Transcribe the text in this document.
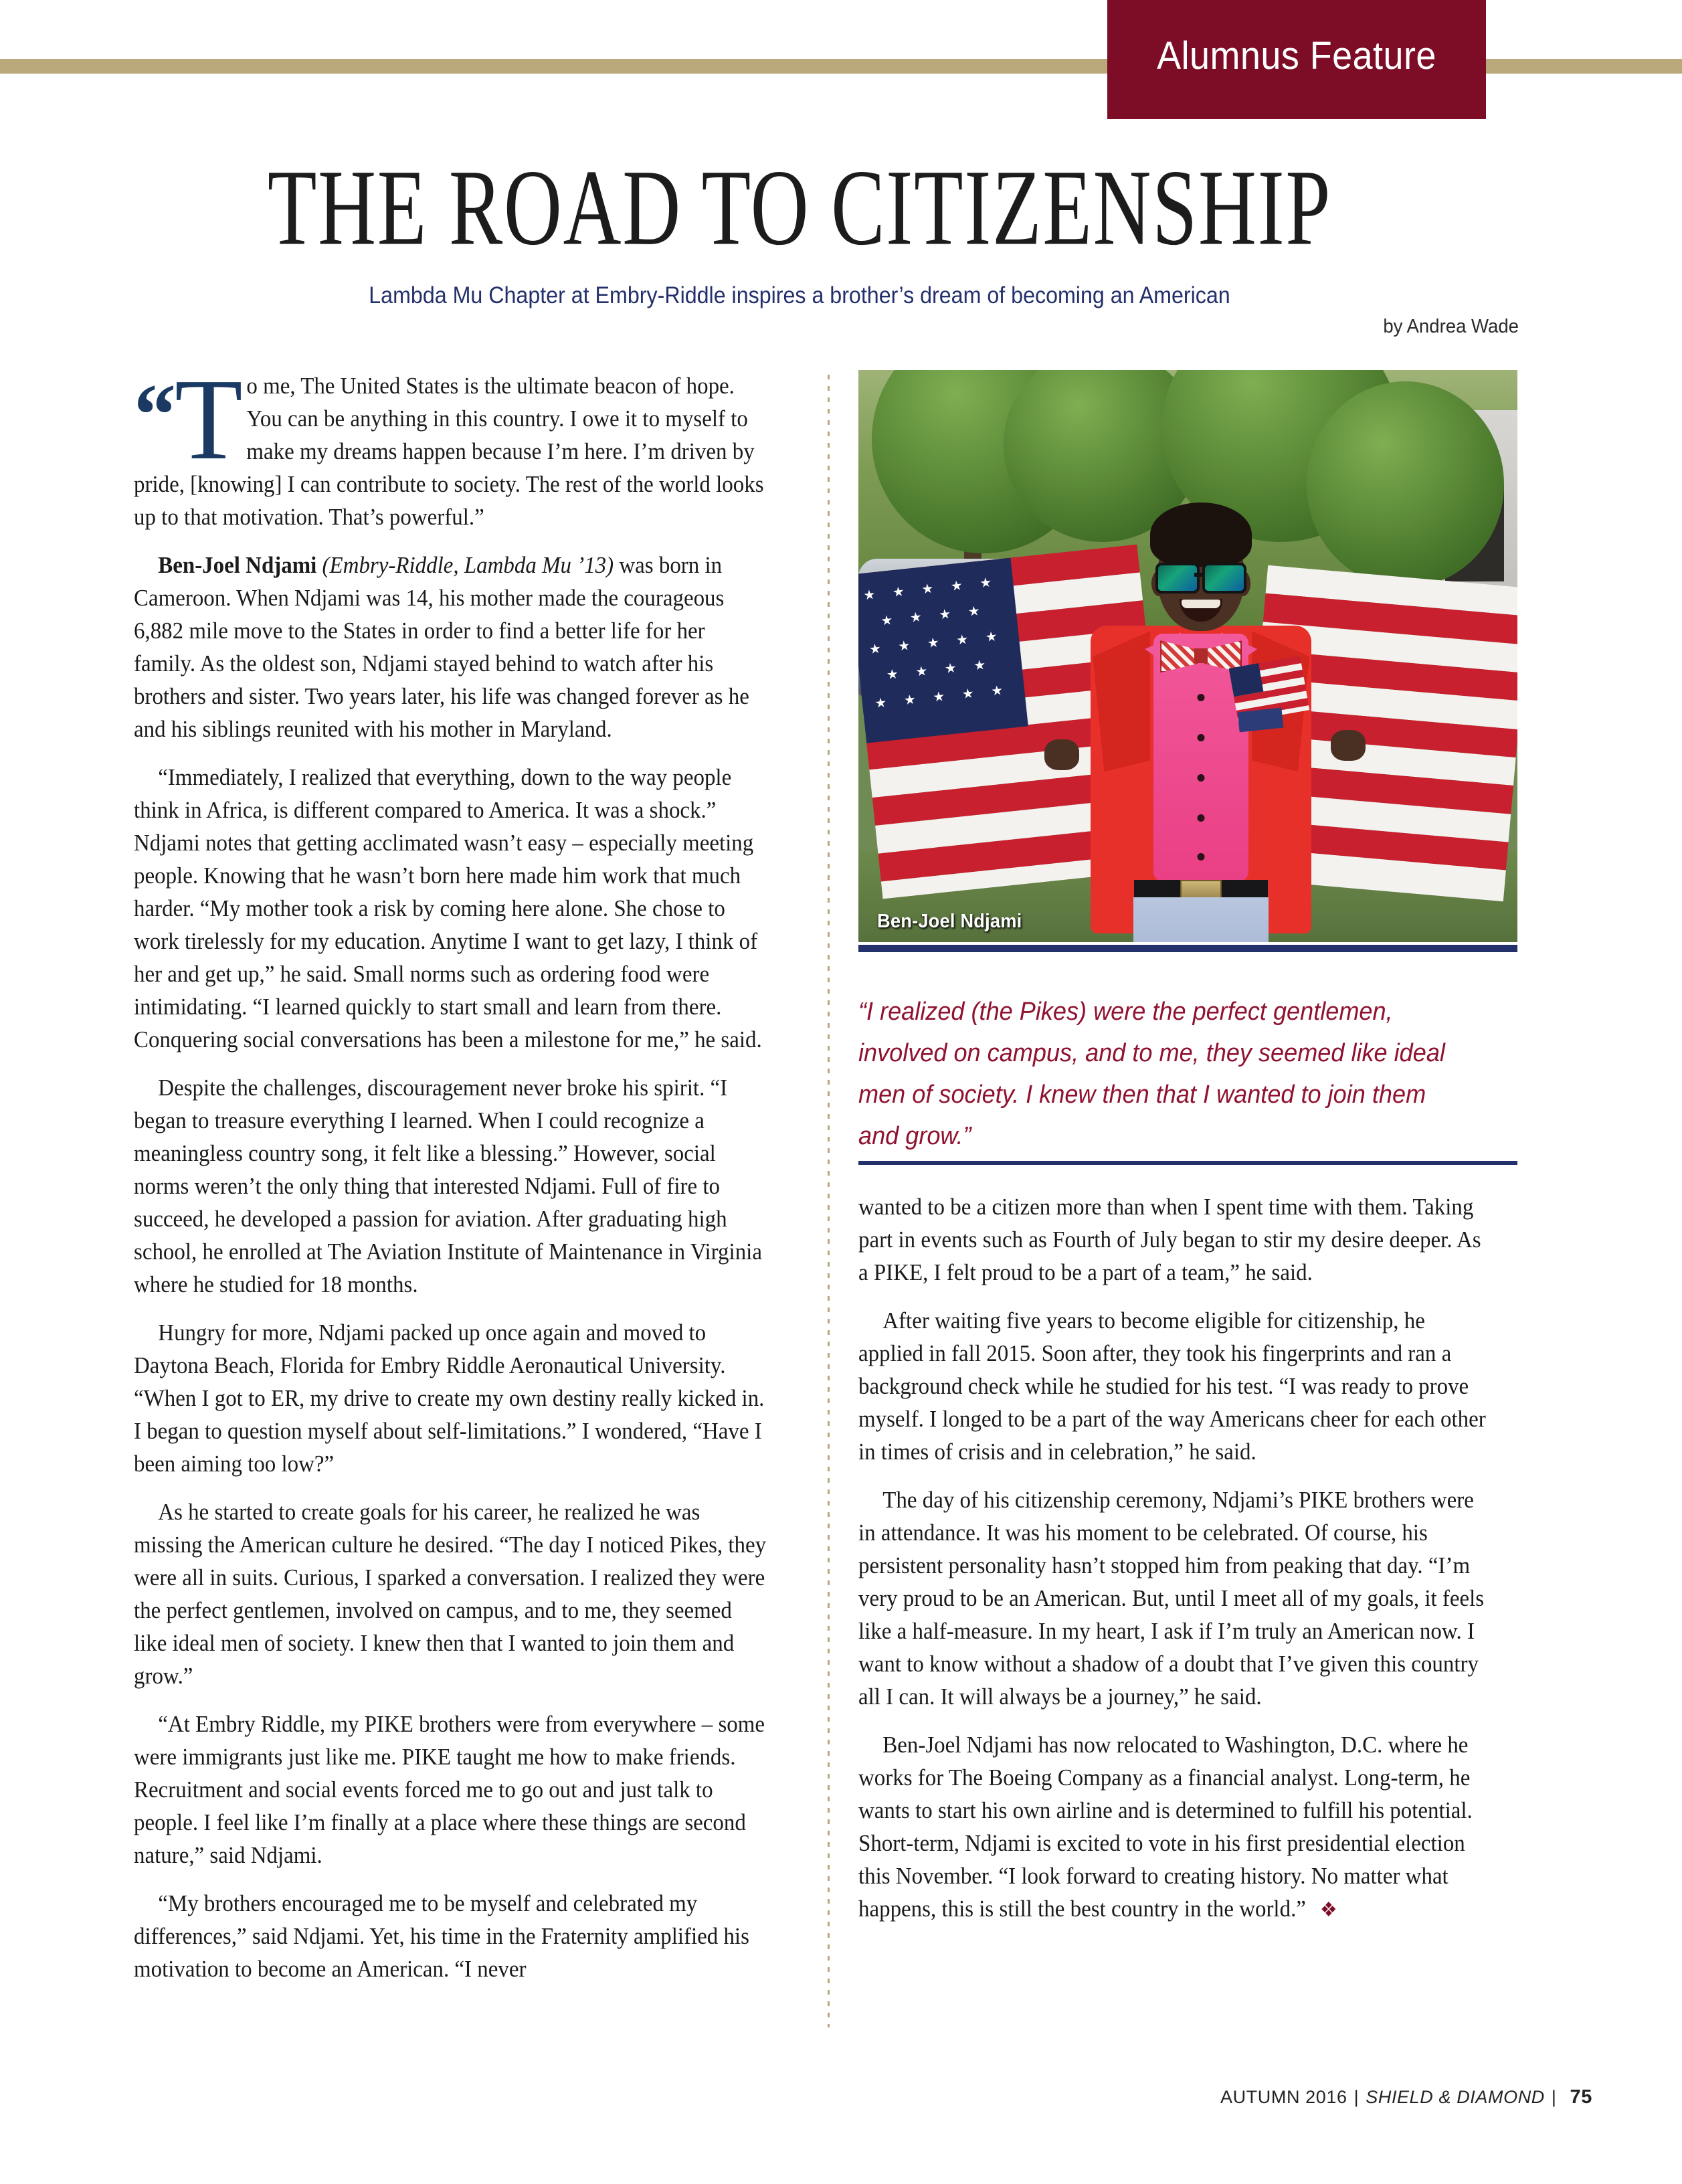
Alumnus Feature
THE ROAD TO CITIZENSHIP
Lambda Mu Chapter at Embry-Riddle inspires a brother’s dream of becoming an American
by Andrea Wade

“
T o me, The United States is the ultimate beacon of hope. You can be anything in this country. I owe it to myself to make my dreams happen because I’m here. I’m driven by pride, [knowing] I can contribute to society. The rest of the world looks up to that motivation. That’s powerful.”

Ben-Joel Ndjami (Embry-Riddle, Lambda Mu ’13) was born in Cameroon. When Ndjami was 14, his mother made the courageous 6,882 mile move to the States in order to find a better life for her family. As the oldest son, Ndjami stayed behind to watch after his brothers and sister. Two years later, his life was changed forever as he and his siblings reunited with his mother in Maryland.

“Immediately, I realized that everything, down to the way people think in Africa, is different compared to America. It was a shock.” Ndjami notes that getting acclimated wasn’t easy – especially meeting people. Knowing that he wasn’t born here made him work that much harder. “My mother took a risk by coming here alone. She chose to work tirelessly for my education. Anytime I want to get lazy, I think of her and get up,” he said. Small norms such as ordering food were intimidating. “I learned quickly to start small and learn from there. Conquering social conversations has been a milestone for me,” he said.

Despite the challenges, discouragement never broke his spirit. “I began to treasure everything I learned. When I could recognize a meaningless country song, it felt like a blessing.” However, social norms weren’t the only thing that interested Ndjami. Full of fire to succeed, he developed a passion for aviation. After graduating high school, he enrolled at The Aviation Institute of Maintenance in Virginia where he studied for 18 months.

Hungry for more, Ndjami packed up once again and moved to Daytona Beach, Florida for Embry Riddle Aeronautical University. “When I got to ER, my drive to create my own destiny really kicked in. I began to question myself about self-limitations.” I wondered, “Have I been aiming too low?”

As he started to create goals for his career, he realized he was missing the American culture he desired. “The day I noticed Pikes, they were all in suits. Curious, I sparked a conversation. I realized they were the perfect gentlemen, involved on campus, and to me, they seemed like ideal men of society. I knew then that I wanted to join them and grow.”

“At Embry Riddle, my PIKE brothers were from everywhere – some were immigrants just like me. PIKE taught me how to make friends. Recruitment and social events forced me to go out and just talk to people. I feel like I’m finally at a place where these things are second nature,” said Ndjami.

“My brothers encouraged me to be myself and celebrated my differences,” said Ndjami. Yet, his time in the Fraternity amplified his motivation to become an American. “I never

Ben-Joel Ndjami
“I realized (the Pikes) were the perfect gentlemen, involved on campus, and to me, they seemed like ideal men of society. I knew then that I wanted to join them and grow.”

wanted to be a citizen more than when I spent time with them. Taking part in events such as Fourth of July began to stir my desire deeper. As a PIKE, I felt proud to be a part of a team,” he said.

After waiting five years to become eligible for citizenship, he applied in fall 2015. Soon after, they took his fingerprints and ran a background check while he studied for his test. “I was ready to prove myself. I longed to be a part of the way Americans cheer for each other in times of crisis and in celebration,” he said.

The day of his citizenship ceremony, Ndjami’s PIKE brothers were in attendance. It was his moment to be celebrated. Of course, his persistent personality hasn’t stopped him from peaking that day. “I’m very proud to be an American. But, until I meet all of my goals, it feels like a half-measure. In my heart, I ask if I’m truly an American now. I want to know without a shadow of a doubt that I’ve given this country all I can. It will always be a journey,” he said.

Ben-Joel Ndjami has now relocated to Washington, D.C. where he works for The Boeing Company as a financial analyst. Long-term, he wants to start his own airline and is determined to fulfill his potential. Short-term, Ndjami is excited to vote in his first presidential election this November. “I look forward to creating history. No matter what happens, this is still the best country in the world.” ❖

AUTUMN 2016 | SHIELD & DIAMOND | 75
